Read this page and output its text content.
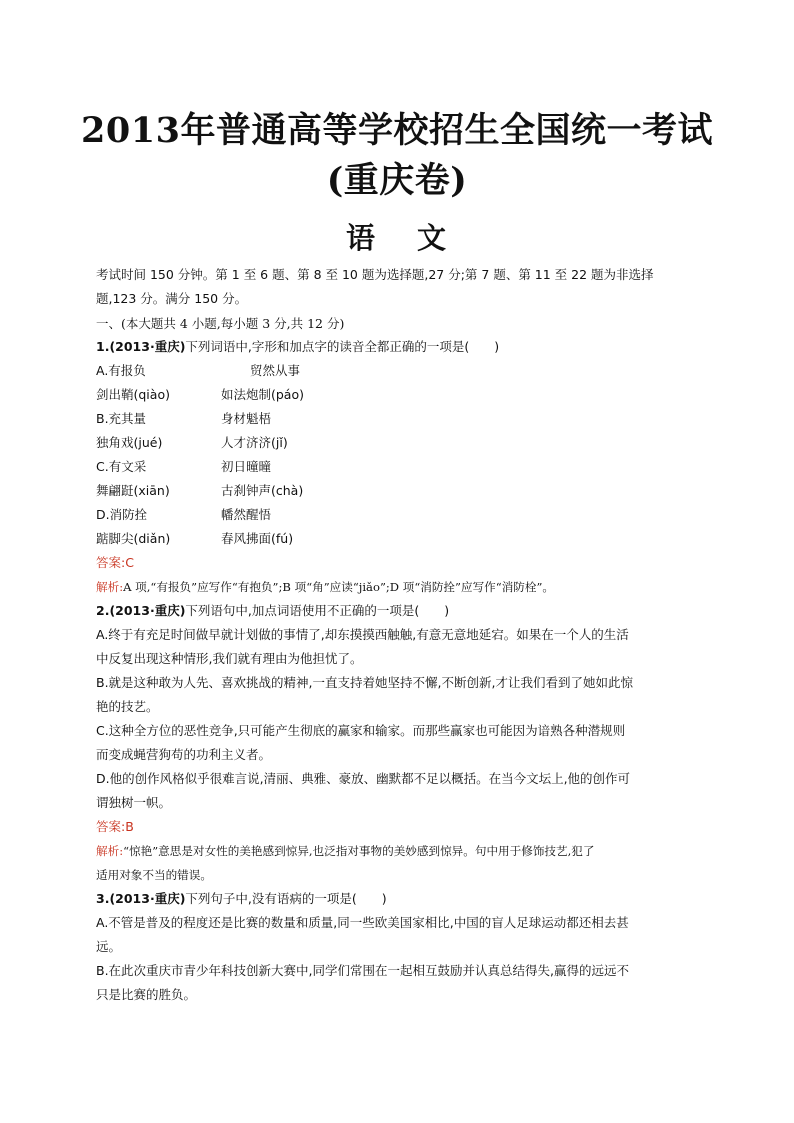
2013年普通高等学校招生全国统一考试
(重庆卷)
语 文
考试时间 150 分钟。第 1 至 6 题、第 8 至 10 题为选择题,27 分;第 7 题、第 11 至 22 题为非选择
题,123 分。满分 150 分。
一、(本大题共 4 小题,每小题 3 分,共 12 分)
1.(2013·重庆)下列词语中,字形和加点字的读音全都正确的一项是(　　)
A.有报负	贸然从事
剑出鞘(qiào)	如法炮制(páo)
B.充其量	身材魁梧
独角戏(jué)	人才济济(jǐ)
C.有文采	初日曈曈
舞翩跹(xiān)	古刹钟声(chà)
D.消防拴	幡然醒悟
踮脚尖(diǎn)	春风拂面(fú)
答案:C
解析:A 项,“有报负”应写作“有抱负”;B 项“角”应读“jiǎo”;D 项“消防拴”应写作“消防栓”。
2.(2013·重庆)下列语句中,加点词语使用不正确的一项是(　　)
A.终于有充足时间做早就计划做的事情了,却东摸摸西触触,有意无意地延宕。如果在一个人的生活
中反复出现这种情形,我们就有理由为他担忧了。
B.就是这种敢为人先、喜欢挑战的精神,一直支持着她坚持不懈,不断创新,才让我们看到了她如此惊
艳的技艺。
C.这种全方位的恶性竞争,只可能产生彻底的赢家和输家。而那些赢家也可能因为谙熟各种潜规则
而变成蝇营狗苟的功利主义者。
D.他的创作风格似乎很难言说,清丽、典雅、豪放、幽默都不足以概括。在当今文坛上,他的创作可
谓独树一帜。
答案:B
解析:“惊艳”意思是对女性的美艳感到惊异,也泛指对事物的美妙感到惊异。句中用于修饰技艺,犯了
适用对象不当的错误。
3.(2013·重庆)下列句子中,没有语病的一项是(　　)
A.不管是普及的程度还是比赛的数量和质量,同一些欧美国家相比,中国的盲人足球运动都还相去甚
远。
B.在此次重庆市青少年科技创新大赛中,同学们常围在一起相互鼓励并认真总结得失,赢得的远远不
只是比赛的胜负。
